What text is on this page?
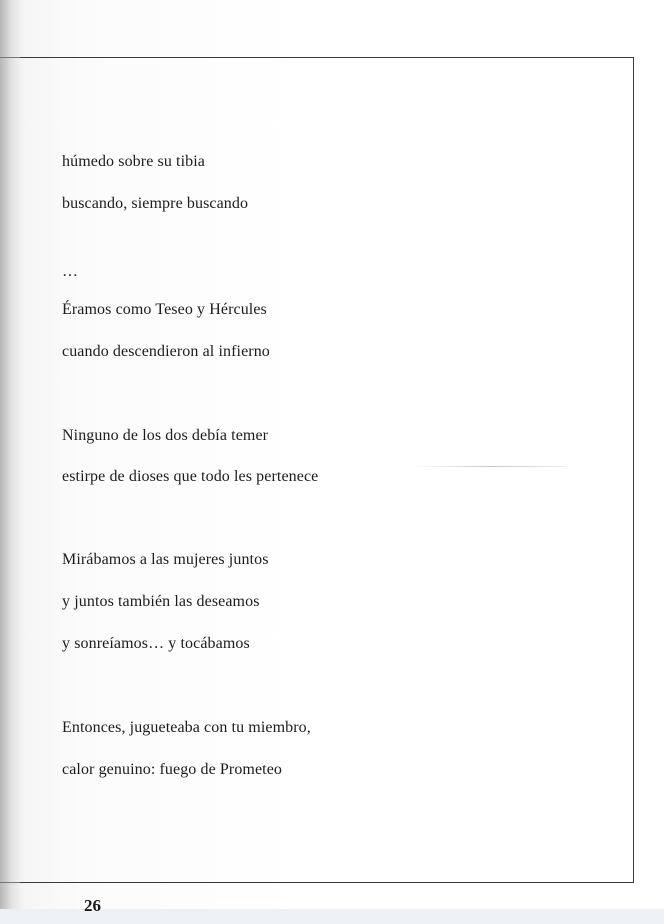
húmedo sobre su tibia
buscando, siempre buscando
…
Éramos como Teseo y Hércules
cuando descendieron al infierno
Ninguno de los dos debía temer
estirpe de dioses que todo les pertenece
Mirábamos a las mujeres juntos
y juntos también las deseamos
y sonreíamos… y tocábamos
Entonces, jugueteaba con tu miembro,
calor genuino: fuego de Prometeo
26
